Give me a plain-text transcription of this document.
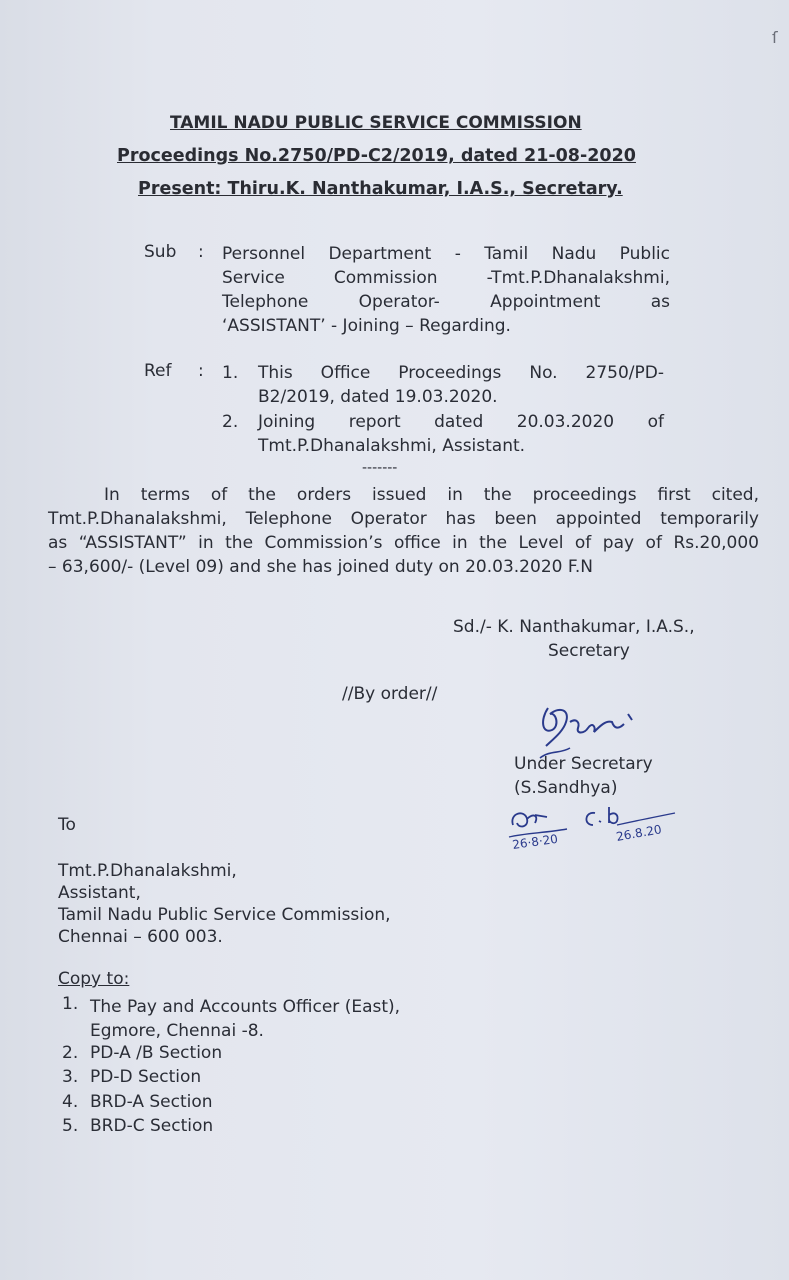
ſ
TAMIL NADU PUBLIC SERVICE COMMISSION
Proceedings No.2750/PD-C2/2019, dated 21-08-2020
Present: Thiru.K. Nanthakumar, I.A.S., Secretary.
Sub : Personnel Department - Tamil Nadu Public
Service Commission -Tmt.P.Dhanalakshmi,
Telephone Operator- Appointment as
‘ASSISTANT’ - Joining – Regarding.
Ref : 1. This Office Proceedings No. 2750/PD-
B2/2019, dated 19.03.2020.
2. Joining report dated 20.03.2020 of
Tmt.P.Dhanalakshmi, Assistant.
-------
In terms of the orders issued in the proceedings first cited,
Tmt.P.Dhanalakshmi, Telephone Operator has been appointed temporarily
as “ASSISTANT” in the Commission’s office in the Level of pay of Rs.20,000
– 63,600/- (Level 09) and she has joined duty on 20.03.2020 F.N
Sd./- K. Nanthakumar, I.A.S.,
Secretary
//By order//
Under Secretary
(S.Sandhya)
26·8·20	26.8.20
To
Tmt.P.Dhanalakshmi,
Assistant,
Tamil Nadu Public Service Commission,
Chennai – 600 003.
Copy to:
1. The Pay and Accounts Officer (East),
Egmore, Chennai -8.
2. PD-A /B Section
3. PD-D Section
4. BRD-A Section
5. BRD-C Section
